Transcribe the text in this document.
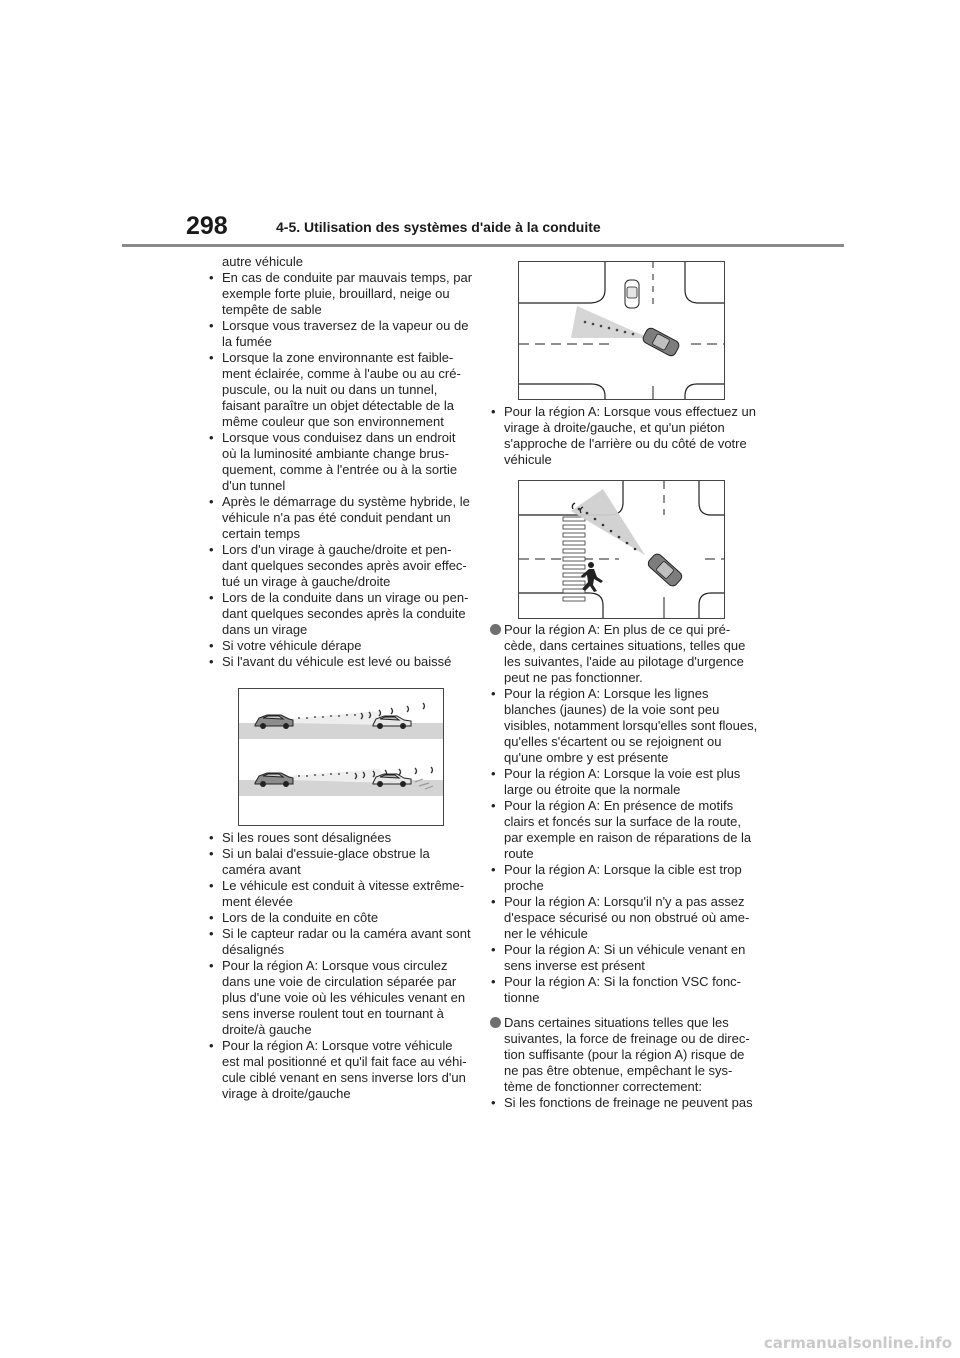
298	4-5. Utilisation des systèmes d'aide à la conduite

autre véhicule

• En cas de conduite par mauvais temps, par exemple forte pluie, brouillard, neige ou tempête de sable
• Lorsque vous traversez de la vapeur ou de la fumée
• Lorsque la zone environnante est faible-ment éclairée, comme à l'aube ou au cré-puscule, ou la nuit ou dans un tunnel, faisant paraître un objet détectable de la même couleur que son environnement
• Lorsque vous conduisez dans un endroit où la luminosité ambiante change brus-quement, comme à l'entrée ou à la sortie d'un tunnel
• Après le démarrage du système hybride, le véhicule n'a pas été conduit pendant un certain temps
• Lors d'un virage à gauche/droite et pen-dant quelques secondes après avoir effec-tué un virage à gauche/droite
• Lors de la conduite dans un virage ou pen-dant quelques secondes après la conduite dans un virage
• Si votre véhicule dérape
• Si l'avant du véhicule est levé ou baissé
• Si les roues sont désalignées
• Si un balai d'essuie-glace obstrue la caméra avant
• Le véhicule est conduit à vitesse extrême-ment élevée
• Lors de la conduite en côte
• Si le capteur radar ou la caméra avant sont désalignés
• Pour la région A: Lorsque vous circulez dans une voie de circulation séparée par plus d'une voie où les véhicules venant en sens inverse roulent tout en tournant à droite/à gauche
• Pour la région A: Lorsque votre véhicule est mal positionné et qu'il fait face au véhi-cule ciblé venant en sens inverse lors d'un virage à droite/gauche
• Pour la région A: Lorsque vous effectuez un virage à droite/gauche, et qu'un piéton s'approche de l'arrière ou du côté de votre véhicule
Pour la région A: En plus de ce qui pré-cède, dans certaines situations, telles que les suivantes, l'aide au pilotage d'urgence peut ne pas fonctionner.
• Pour la région A: Lorsque les lignes blanches (jaunes) de la voie sont peu visibles, notamment lorsqu'elles sont floues, qu'elles s'écartent ou se rejoignent ou qu'une ombre y est présente
• Pour la région A: Lorsque la voie est plus large ou étroite que la normale
• Pour la région A: En présence de motifs clairs et foncés sur la surface de la route, par exemple en raison de réparations de la route
• Pour la région A: Lorsque la cible est trop proche
• Pour la région A: Lorsqu'il n'y a pas assez d'espace sécurisé ou non obstrué où ame-ner le véhicule
• Pour la région A: Si un véhicule venant en sens inverse est présent
• Pour la région A: Si la fonction VSC fonc-tionne
Dans certaines situations telles que les suivantes, la force de freinage ou de direc-tion suffisante (pour la région A) risque de ne pas être obtenue, empêchant le sys-tème de fonctionner correctement:
• Si les fonctions de freinage ne peuvent pas
carmanualsonline.info
